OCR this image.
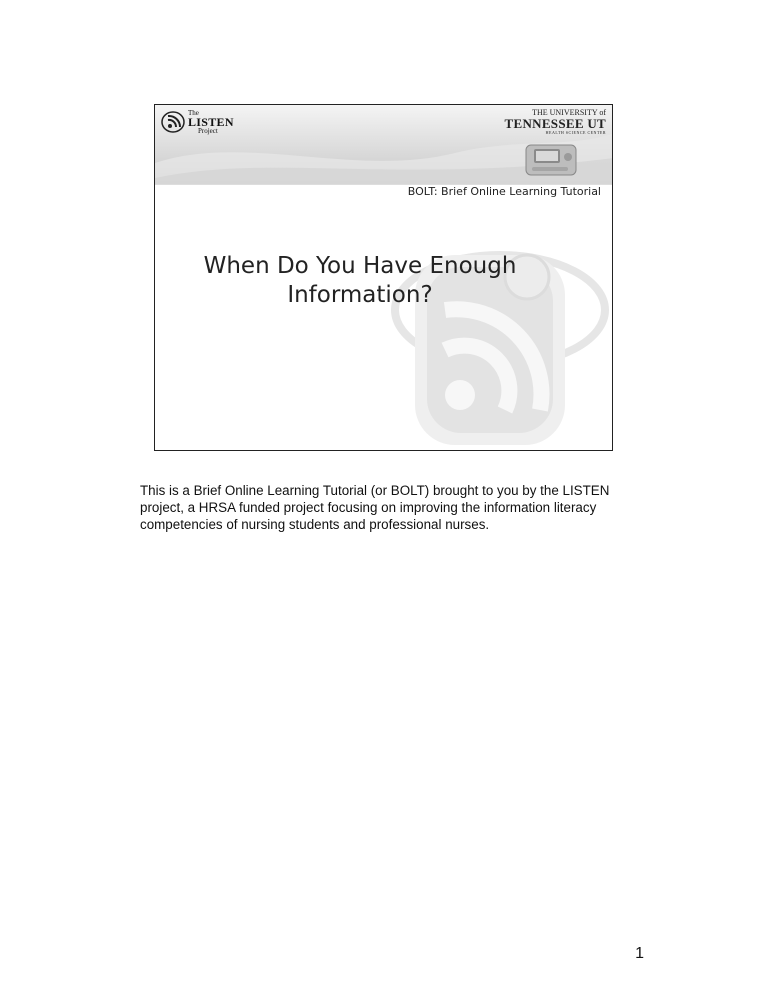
The
LISTEN
Project
THE UNIVERSITY of
TENNESSEE UT
HEALTH SCIENCE CENTER
BOLT: Brief Online Learning Tutorial
When Do You Have Enough Information?
This is a Brief Online Learning Tutorial (or BOLT) brought to you by the LISTEN project, a HRSA funded project focusing on improving the information literacy competencies of nursing students and professional nurses.
1
